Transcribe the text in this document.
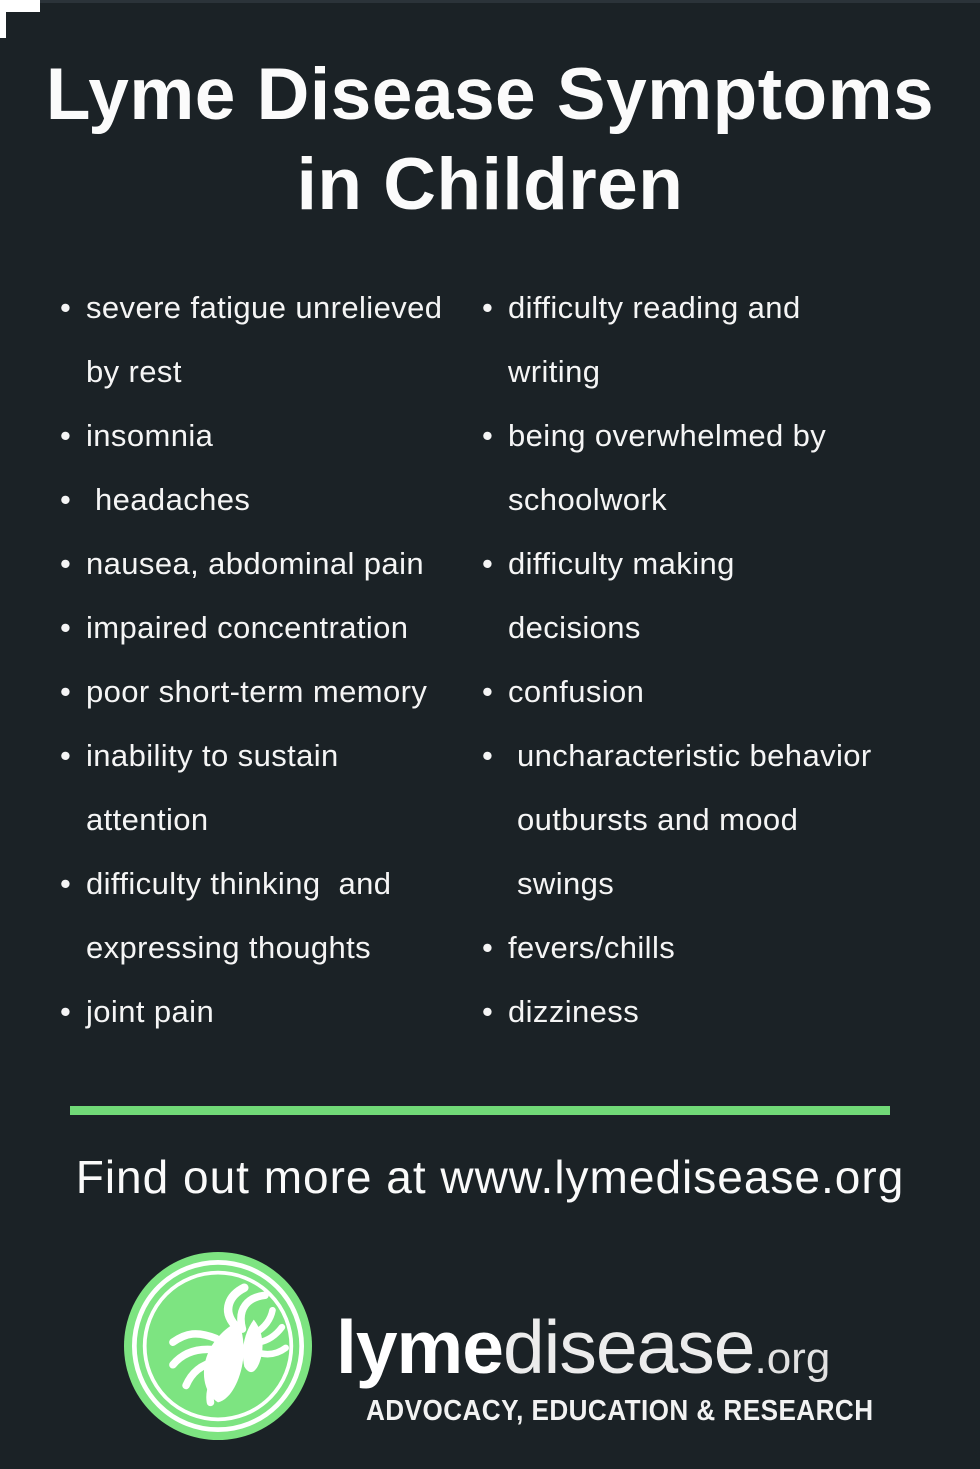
Lyme Disease Symptoms
in Children
• severe fatigue unrelieved
by rest
• insomnia
• headaches
• nausea, abdominal pain
• impaired concentration
• poor short-term memory
• inability to sustain
attention
• difficulty thinking  and
expressing thoughts
• joint pain
• difficulty reading and
writing
• being overwhelmed by
schoolwork
• difficulty making
decisions
• confusion
• uncharacteristic behavior
outbursts and mood
swings
• fevers/chills
• dizziness
Find out more at www.lymedisease.org
lyme disease .org
ADVOCACY, EDUCATION & RESEARCH
